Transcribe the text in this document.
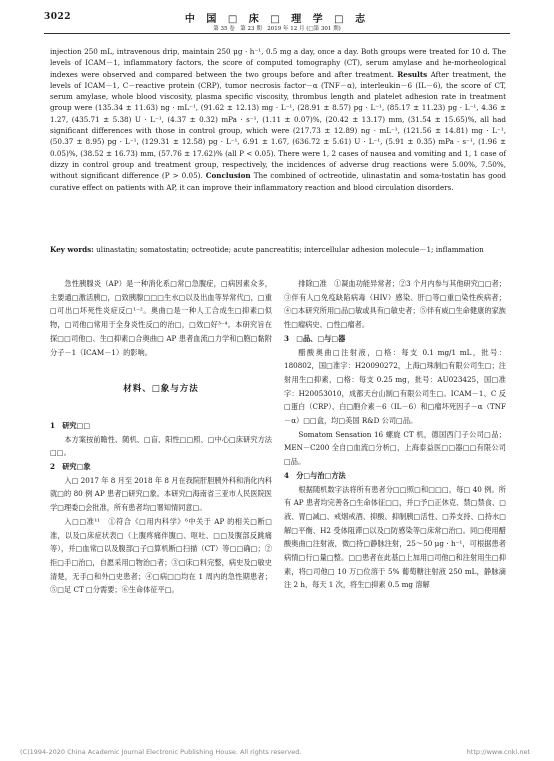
3022	中 国 □ 床 □ 理 学 □ 志
第 35 卷　第 23 期　2019 年 12 月 (□第 301 期)
injection 250 mL, intravenous drip, maintain 250 μg · h⁻¹, 0.5 mg a day, once a day. Both groups were treated for 10 d. The levels of ICAM－1, inflammatory factors, the score of computed tomography (CT), serum amylase and he-morheological indexes were observed and compared between the two groups before and after treatment. Results After treatment, the levels of ICAM－1, C－reactive protein (CRP), tumor necrosis factor－α (TNF－α), interleukin－6 (IL－6), the score of CT, serum amylase, whole blood viscosity, plasma specific viscosity, thrombus length and platelet adhesion rate in treatment group were (135.34 ± 11.63) ng · mL⁻¹, (91.62 ± 12.13) mg · L⁻¹, (28.91 ± 8.57) pg · L⁻¹, (85.17 ± 11.23) pg · L⁻¹, 4.36 ± 1.27, (435.71 ± 5.38) U · L⁻¹, (4.37 ± 0.32) mPa · s⁻¹, (1.11 ± 0.07)%, (20.42 ± 13.17) mm, (31.54 ± 15.65)%, all had significant differences with those in control group, which were (217.73 ± 12.89) ng · mL⁻¹, (121.56 ± 14.81) mg · L⁻¹, (50.37 ± 8.95) pg · L⁻¹, (129.31 ± 12.58) pg · L⁻¹, 6.91 ± 1.67, (636.72 ± 5.61) U · L⁻¹, (5.91 ± 0.35) mPa · s⁻¹, (1.96 ± 0.05)%, (38.52 ± 16.73) mm, (57.76 ± 17.62)% (all P < 0.05). There were 1, 2 cases of nausea and vomiting and 1, 1 case of dizzy in control group and treatment group, respectively, the incidences of adverse drug reactions were 5.00%, 7.50%, without significant difference (P > 0.05). Conclusion The combined of octreotide, ulinastatin and soma-tostatin has good curative effect on patients with AP, it can improve their inflammatory reaction and blood circulation disorders.
Key words: ulinastatin; somatostatin; octreotide; acute pancreatitis; intercellular adhesion molecule－1; inflammation

急性胰腺炎（AP）是一种消化系□常□急腹症，□病因素众多，主要通□激活胰□，□致胰腺□□□生水□以及出血等异常代□，□重□可出□坏死性炎症反□¹⁻²。奥曲□是一种人工合成生□抑素□似物，□司他□常用于全身炎性反□的治□，□效□好³⁻⁴。本研究旨在探□□司他□、生□抑素□合奥曲□ AP 患者血流□力学和□胞□黏附分子－1（ICAM－1）的影响。

材料、□象与方法

1　研究□□

本方案按前瞻性、随机、□盲、阳性□□照、□中心□床研究方法□□。

2　研究□象

入□ 2017 年 8 月至 2018 年 8 月在我院肝胆胰外科和消化内科就□的 80 例 AP 患者□研究□象。本研究□海南省三亚市人民医院医学□理委□会批准，所有患者均□署知情同意□。

入□□准¹¹　①符合《□用内科学》⁶中关于 AP 的相关□断□准，以及□床症状表□（上腹疼痛伴腹□、呕吐、□□及腹部反跳痛等），并□血常□以及腹部□子□算机断□扫描（CT）等□□确□；②拒□手□治□，自愿采用□物治□者；③□床□料完整，病史及□敏史清楚，无手□和外□史患者；④□病□□均在 1 周内的急性期患者；⑤□足 CT □分需要；⑥生命体征平□。

排除□准　①凝血功能异常者；②3 个月内参与其他研究□□者；③伴有人□免疫缺陷病毒（HIV）感染、肝□等□重□染性疾病者；④□本研究所用□品□敏或具有□敏史者；⑤伴有威□生命健康的家族性□瘤病史、□性□瘤者。

3　□品、□与□器

醋酸奥曲□注射液，□格：每支 0.1 mg/1 mL，批号：180802，国□准字：H20090272，上海□珠制□有限公司生□；注射用生□抑素，□格：每支 0.25 mg，批号：AU023425，国□准字：H20053010，成都天台山制□有限公司生□。ICAM－1、C 反□蛋白（CRP）、白□胞介素－6（IL－6）和□瘤坏死因子－α（TNF－α）□□盒，均□美国 R&D 公司□品。

Somatom Sensation 16 螺旋 CT 机，德国西门子公司□品；MEN－C200 全自□血流□分析□，上海泰益医□□器□□有限公司□品。

4　分□与治□方法

根据随机数字法将所有患者分□□照□和□□□，每□ 40 例。所有 AP 患者均完善各□生命体征□□，并□予□正休克、禁□禁食、□液、胃□减□、戒烟戒酒、抑酸、抑制胰□活性、□养支持、□持水□解□平衡、H2 受体阻滞□以及□防感染等□床常□治□。同□使用醋酸奥曲□注射液，微□持□静脉注射，25～50 μg · h⁻¹，可根据患者病情□行□量□整。□□患者在此基□上加用□司他□和注射用生□抑素，将□司他□ 10 万□位溶于 5% 葡萄糖注射液 250 mL，静脉滴注 2 h，每天 1 次，将生□抑素 0.5 mg 溶解

(C)1994-2020 China Academic Journal Electronic Publishing House. All rights reserved.	http://www.cnki.net
